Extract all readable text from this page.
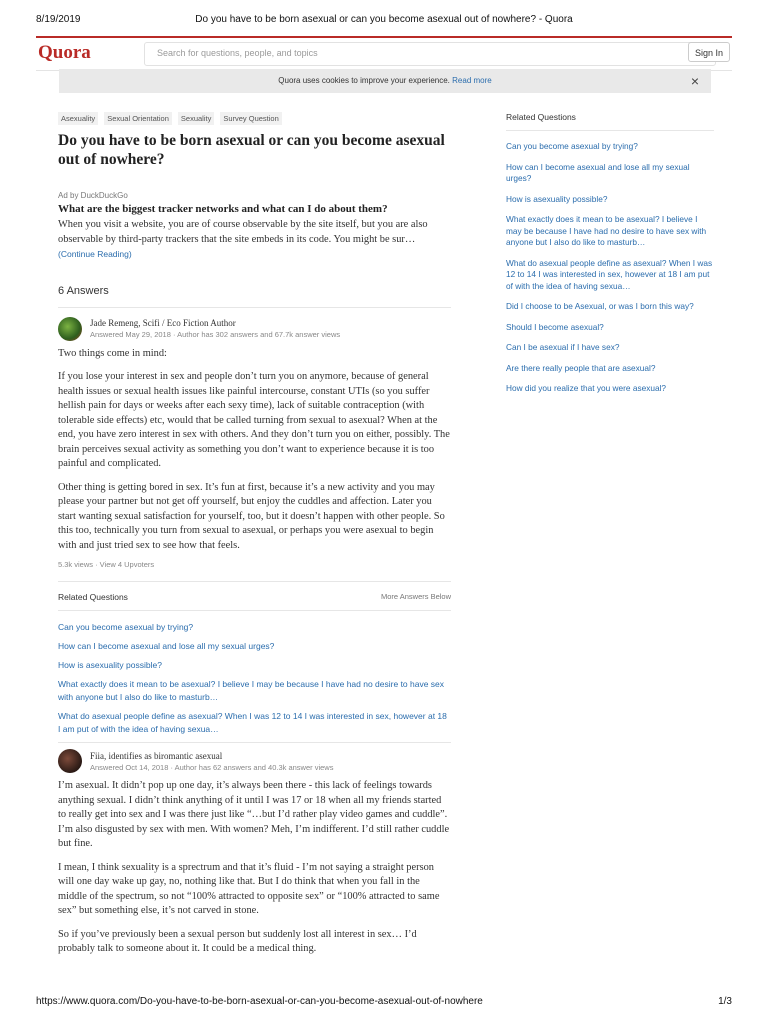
8/19/2019	Do you have to be born asexual or can you become asexual out of nowhere? - Quora
Quora
Search for questions, people, and topics	Sign In
Quora uses cookies to improve your experience. Read more	×
Asexuality	Sexual Orientation	Sexuality	Survey Question
Do you have to be born asexual or can you become asexual out of nowhere?
Ad by DuckDuckGo
What are the biggest tracker networks and what can I do about them?
When you visit a website, you are of course observable by the site itself, but you are also observable by third-party trackers that the site embeds in its code. You might be sur… (Continue Reading)
6 Answers
Jade Remeng, Scifi / Eco Fiction Author
Answered May 29, 2018 · Author has 302 answers and 67.7k answer views

Two things come in mind:

If you lose your interest in sex and people don’t turn you on anymore, because of general health issues or sexual health issues like painful intercourse, constant UTIs (so you suffer hellish pain for days or weeks after each sexy time), lack of suitable contraception (with tolerable side effects) etc, would that be called turning from sexual to asexual? When at the end, you have zero interest in sex with others. And they don’t turn you on either, possibly. The brain perceives sexual activity as something you don’t want to experience because it is too painful and complicated.

Other thing is getting bored in sex. It’s fun at first, because it’s a new activity and you may please your partner but not get off yourself, but enjoy the cuddles and affection. Later you start wanting sexual satisfaction for yourself, too, but it doesn’t happen with other people. So this too, technically you turn from sexual to asexual, or perhaps you were asexual to begin with and just tried sex to see how that feels.

5.3k views · View 4 Upvoters
Related Questions	More Answers Below
Can you become asexual by trying?
How can I become asexual and lose all my sexual urges?
How is asexuality possible?
What exactly does it mean to be asexual? I believe I may be because I have had no desire to have sex with anyone but I also do like to masturb…
What do asexual people define as asexual? When I was 12 to 14 I was interested in sex, however at 18 I am put of with the idea of having sexua…
Fiia, identifies as biromantic asexual
Answered Oct 14, 2018 · Author has 62 answers and 40.3k answer views

I’m asexual. It didn’t pop up one day, it’s always been there - this lack of feelings towards anything sexual. I didn’t think anything of it until I was 17 or 18 when all my friends started to really get into sex and I was there just like “…but I’d rather play video games and cuddle”. I’m also disgusted by sex with men. With women? Meh, I’m indifferent. I’d still rather cuddle but fine.

I mean, I think sexuality is a sprectrum and that it’s fluid - I’m not saying a straight person will one day wake up gay, no, nothing like that. But I do think that when you fall in the middle of the spectrum, so not “100% attracted to opposite sex” or “100% attracted to same sex” but something else, it’s not carved in stone.

So if you’ve previously been a sexual person but suddenly lost all interest in sex… I’d probably talk to someone about it. It could be a medical thing.

Related Questions
Can you become asexual by trying?
How can I become asexual and lose all my sexual urges?
How is asexuality possible?
What exactly does it mean to be asexual? I believe I may be because I have had no desire to have sex with anyone but I also do like to masturb…
What do asexual people define as asexual? When I was 12 to 14 I was interested in sex, however at 18 I am put of with the idea of having sexua…
Did I choose to be Asexual, or was I born this way?
Should I become asexual?
Can I be asexual if I have sex?
Are there really people that are asexual?
How did you realize that you were asexual?
https://www.quora.com/Do-you-have-to-be-born-asexual-or-can-you-become-asexual-out-of-nowhere	1/3
